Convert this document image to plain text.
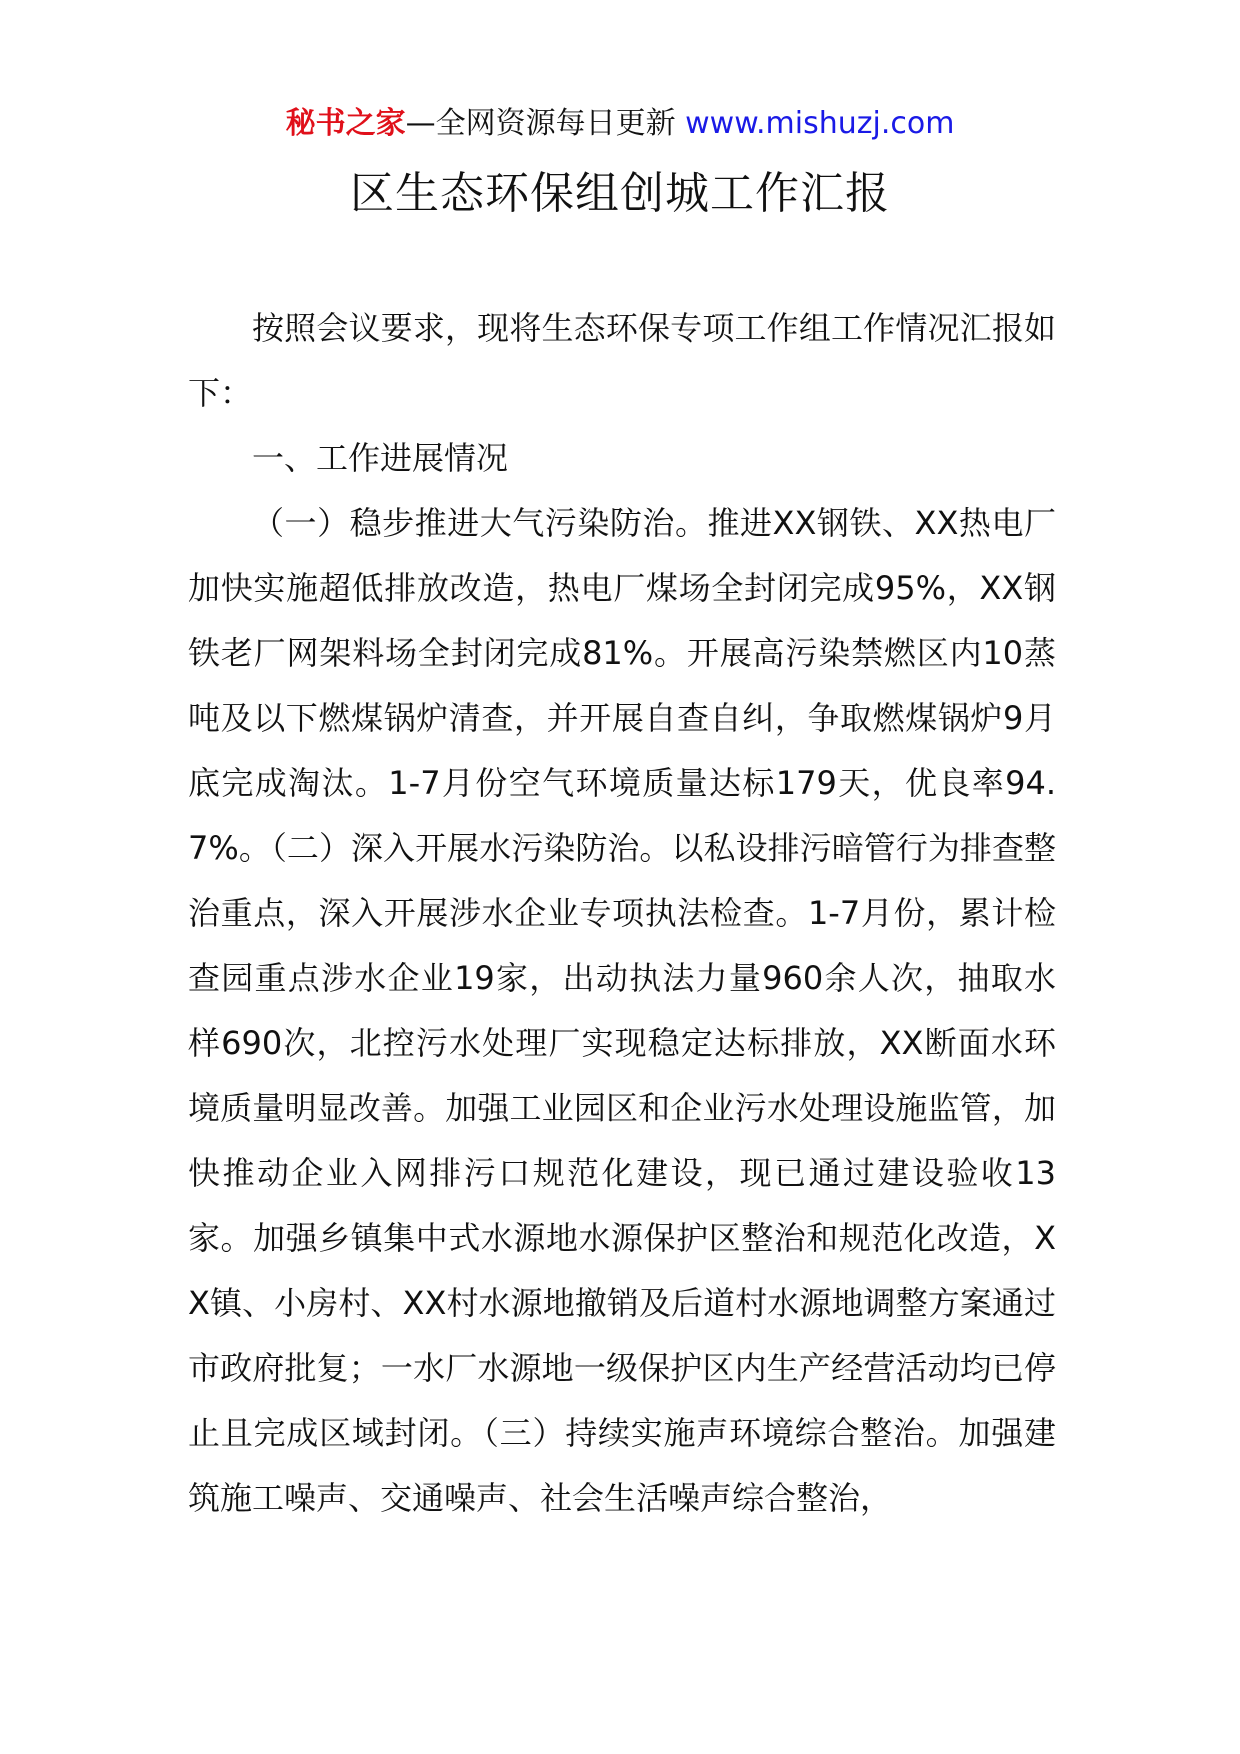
秘书之家—全网资源每日更新 www.mishuzj.com
区生态环保组创城工作汇报

按照会议要求，现将生态环保专项工作组工作情况汇报如下：

一、工作进展情况

（一）稳步推进大气污染防治。推进XX钢铁、XX热电厂加快实施超低排放改造，热电厂煤场全封闭完成95%，XX钢铁老厂网架料场全封闭完成81%。开展高污染禁燃区内10蒸吨及以下燃煤锅炉清查，并开展自查自纠，争取燃煤锅炉9月底完成淘汰。1-7月份空气环境质量达标179天，优良率94.7%。（二）深入开展水污染防治。以私设排污暗管行为排查整治重点，深入开展涉水企业专项执法检查。1-7月份，累计检查园重点涉水企业19家，出动执法力量960余人次，抽取水样690次，北控污水处理厂实现稳定达标排放，XX断面水环境质量明显改善。加强工业园区和企业污水处理设施监管，加快推动企业入网排污口规范化建设，现已通过建设验收13家。加强乡镇集中式水源地水源保护区整治和规范化改造，XX镇、小房村、XX村水源地撤销及后道村水源地调整方案通过市政府批复；一水厂水源地一级保护区内生产经营活动均已停止且完成区域封闭。（三）持续实施声环境综合整治。加强建筑施工噪声、交通噪声、社会生活噪声综合整治，
